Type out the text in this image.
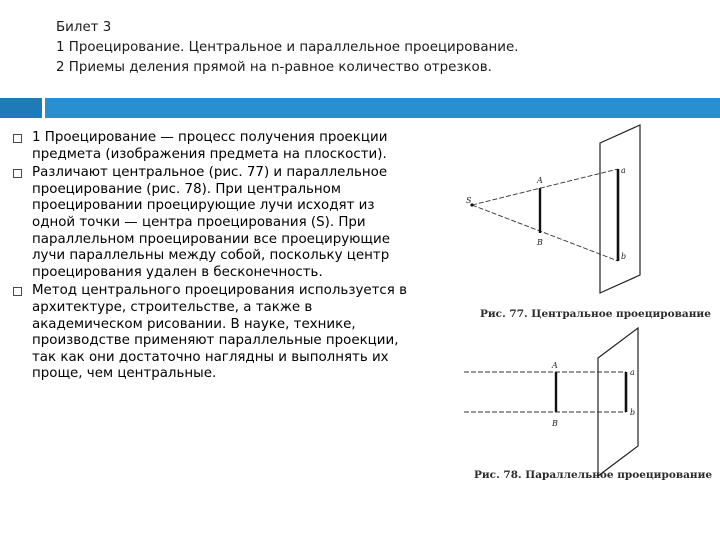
Билет 3
1 Проецирование. Центральное и параллельное проецирование.
2 Приемы деления прямой на n-равное количество отрезков.
1 Проецирование — процесс получения проекции предмета (изображения предмета на плоскости).
Различают центральное (рис. 77) и параллельное проецирование (рис. 78). При центральном проецировании проецирующие лучи исходят из одной точки — центра проецирования (S). При параллельном проецировании все проецирующие лучи параллельны между собой, поскольку центр проецирования удален в бесконечность.
Метод центрального проецирования используется в архитектуре, строительстве, а также в академическом рисовании. В науке, технике, производстве применяют параллельные проекции, так как они достаточно наглядны и выполнять их проще, чем центральные.
S
A
B
a
b
Рис. 77. Центральное проецирование
A
B
a
b
Рис. 78. Параллельное проецирование
